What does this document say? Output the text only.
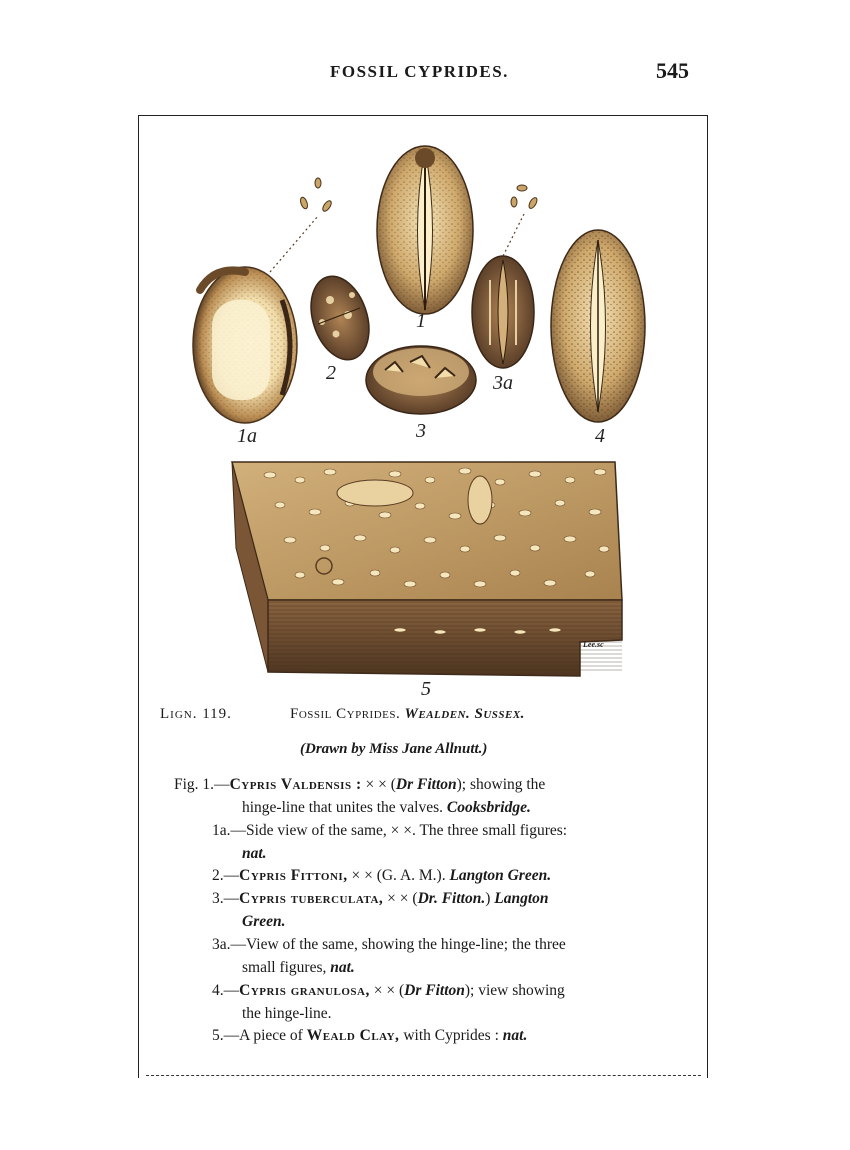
FOSSIL CYPRIDES.	545
1
1a
2
3
3a
4
5
Lee.sc
Lign. 119.	Fossil Cyprides. Wealden. Sussex.
(Drawn by Miss Jane Allnutt.)
Fig. 1.—Cypris Valdensis : × × (Dr Fitton); showing the
hinge-line that unites the valves. Cooksbridge.
1a.—Side view of the same, × ×. The three small figures:
nat.
2.—Cypris Fittoni, × × (G. A. M.). Langton Green.
3.—Cypris tuberculata, × × (Dr. Fitton.) Langton
Green.
3a.—View of the same, showing the hinge-line; the three
small figures, nat.
4.—Cypris granulosa, × × (Dr Fitton); view showing
the hinge-line.
5.—A piece of Weald Clay, with Cyprides : nat.
